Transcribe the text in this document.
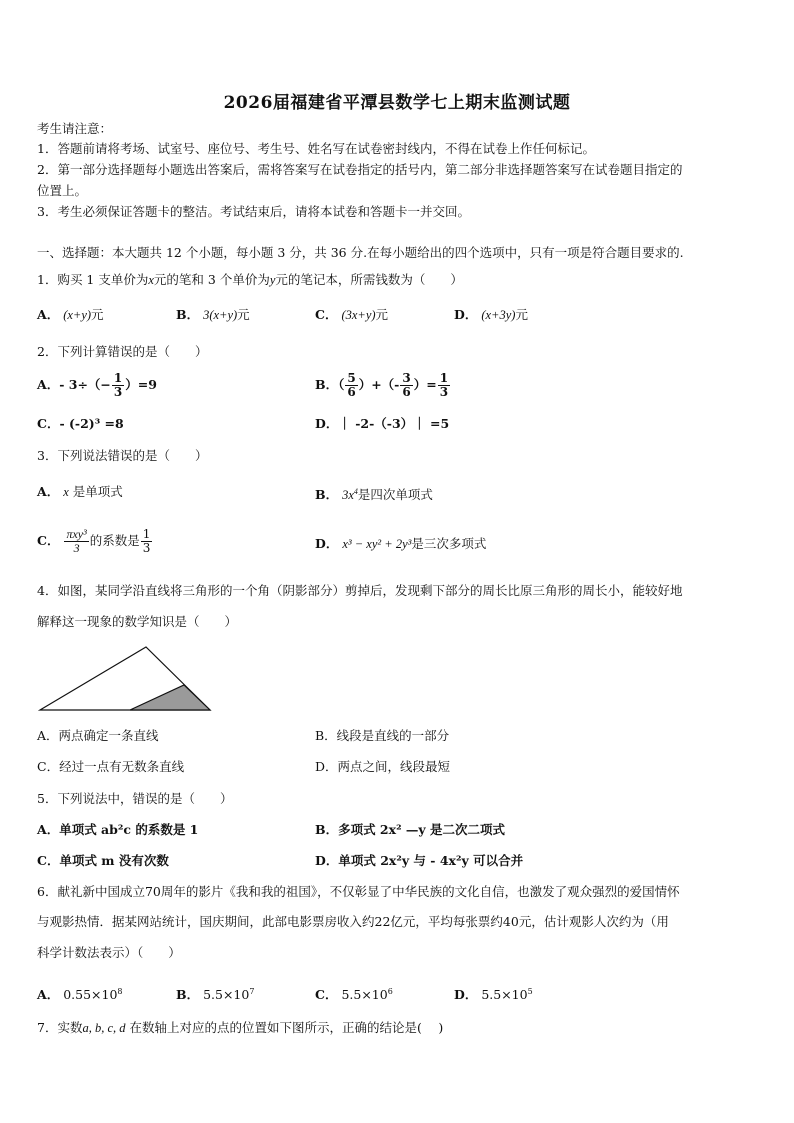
2026届福建省平潭县数学七上期末监测试题
考生请注意：
1．答题前请将考场、试室号、座位号、考生号、姓名写在试卷密封线内，不得在试卷上作任何标记。
2．第一部分选择题每小题选出答案后，需将答案写在试卷指定的括号内，第二部分非选择题答案写在试卷题目指定的
位置上。
3．考生必须保证答题卡的整洁。考试结束后，请将本试卷和答题卡一并交回。
一、选择题：本大题共 12 个小题，每小题 3 分，共 36 分.在每小题给出的四个选项中，只有一项是符合题目要求的.
1．购买 1 支单价为x元的笔和 3 个单价为y元的笔记本，所需钱数为（　　）
A． (x+y)元	B． 3(x+y)元	C． (3x+y)元	D． (x+3y)元
2．下列计算错误的是（　　）
A．- $3\div(- \frac{1}{3} )=9$	B．（ $\frac{5}{6}$ ）+（- $\frac{3}{6}$ ）= $\frac{1}{3}$
C．- (-2)³ =8	D．｜ -2-（-3）｜ =5
3．下列说法错误的是（　　）
A． x 是单项式	B． $3x^4$是四次单项式
C． $\frac{\text{πxy³}}{3}$ 的系数是 $\frac{1}{3}$	D． x³ − xy² + 2y³是三次多项式
4．如图，某同学沿直线将三角形的一个角（阴影部分）剪掉后，发现剩下部分的周长比原三角形的周长小，能较好地
解释这一现象的数学知识是（　　）
A．两点确定一条直线	B．线段是直线的一部分
C．经过一点有无数条直线	D．两点之间，线段最短
5．下列说法中，错误的是（　　）
A．单项式 ab²c 的系数是 1	B．多项式 2x² —y 是二次二项式
C．单项式 m 没有次数	D．单项式 2x²y 与 - 4x²y 可以合并
6．献礼新中国成立70周年的影片《我和我的祖国》，不仅彰显了中华民族的文化自信，也激发了观众强烈的爱国情怀
与观影热情．据某网站统计，国庆期间，此部电影票房收入约22亿元，平均每张票约40元，估计观影人次约为（用
科学计数法表示）（　　）
A． $0.55\times 10^8$	B． $5.5\times 10^7$	C． $5.5\times 10^6$	D． $5.5\times 10^5$
7．实数a, b, c, d 在数轴上对应的点的位置如下图所示，正确的结论是(　 )
